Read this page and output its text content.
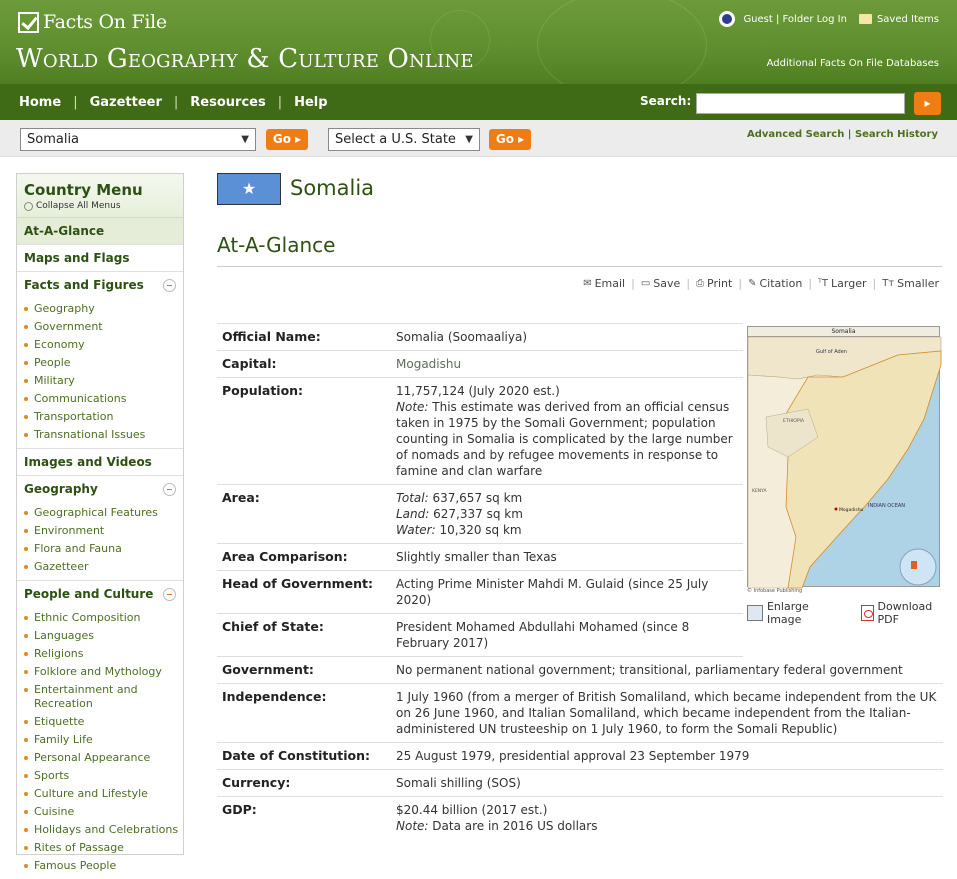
Facts On File
World Geography & Culture Online
Guest | Folder Log In	Saved Items
Additional Facts On File Databases
Home | Gazetteer | Resources | Help	Search:	▸
Somalia	▼	Go ▸	Select a U.S. State ▼	Go ▸	Advanced Search | Search History
Country Menu
Collapse All Menus
At-A-Glance
Maps and Flags
Facts and Figures
Geography
Government
Economy
People
Military
Communications
Transportation
Transnational Issues
Images and Videos
Geography
Geographical Features
Environment
Flora and Fauna
Gazetteer
People and Culture
Ethnic Composition
Languages
Religions
Folklore and Mythology
Entertainment and Recreation
Etiquette
Family Life
Personal Appearance
Sports
Culture and Lifestyle
Cuisine
Holidays and Celebrations
Rites of Passage
Famous People
★	Somalia
At-A-Glance
✉ Email | ▭ Save | ⎙ Print | ✎ Citation | ᵀT Larger | Tᴛ Smaller
Official Name:	Somalia (Soomaaliya)	
Capital:	Mogadishu	
Population:	11,757,124 (July 2020 est.)
Note: This estimate was derived from an official census taken in 1975 by the Somali Government; population counting in Somalia is complicated by the large number of nomads and by refugee movements in response to famine and clan warfare	

Area:	Total: 637,657 sq km
Land: 627,337 sq km
Water: 10,320 sq km	

Area Comparison:	Slightly smaller than Texas	
Head of Government:	Acting Prime Minister Mahdi M. Gulaid (since 25 July 2020)	
Chief of State:	President Mohamed Abdullahi Mohamed (since 8 February 2017)	
Government:	No permanent national government; transitional, parliamentary federal government	
Independence:	1 July 1960 (from a merger of British Somaliland, which became independent from the UK on 26 June 1960, and Italian Somaliland, which became independent from the Italian-administered UN trusteeship on 1 July 1960, to form the Somali Republic)	
Date of Constitution:	25 August 1979, presidential approval 23 September 1979	
Currency:	Somali shilling (SOS)	
GDP:	$20.44 billion (2017 est.)
Note: Data are in 2016 US dollars	
Somalia
Gulf of Aden
ETHIOPIA
KENYA
INDIAN OCEAN
Mogadishu
© Infobase Publishing
Enlarge Image
Download PDF
